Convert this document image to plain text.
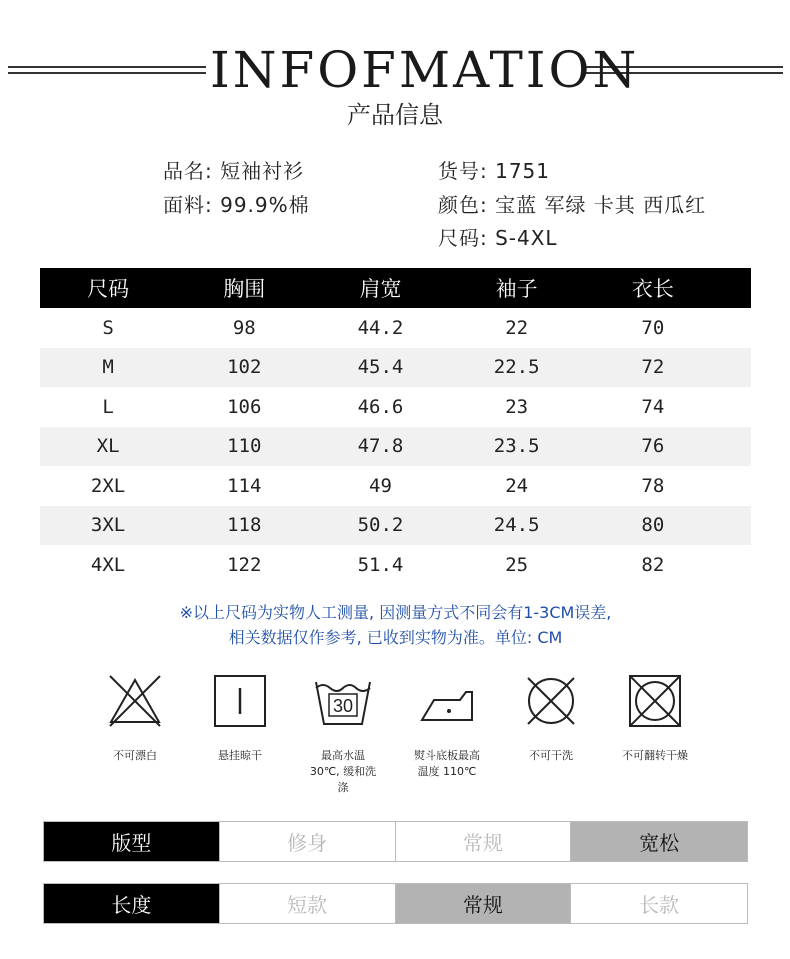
INFOFMATION
产品信息
品名: 短袖衬衫
面料: 99.9%棉
货号: 1751
颜色: 宝蓝 军绿 卡其 西瓜红
尺码: S-4XL
尺码	胸围	肩宽	袖子	衣长
S	98	44.2	22	70
M	102	45.4	22.5	72
L	106	46.6	23	74
XL	110	47.8	23.5	76
2XL	114	49	24	78
3XL	118	50.2	24.5	80
4XL	122	51.4	25	82
※以上尺码为实物人工测量, 因测量方式不同会有1-3CM误差,
相关数据仅作参考, 已收到实物为准。单位: CM
不可漂白	悬挂晾干
30
最高水温 30℃, 缓和洗涤
熨斗底板最高温度 110℃
不可干洗	不可翻转干燥
版型	修身	常规	宽松
长度	短款	常规	长款
